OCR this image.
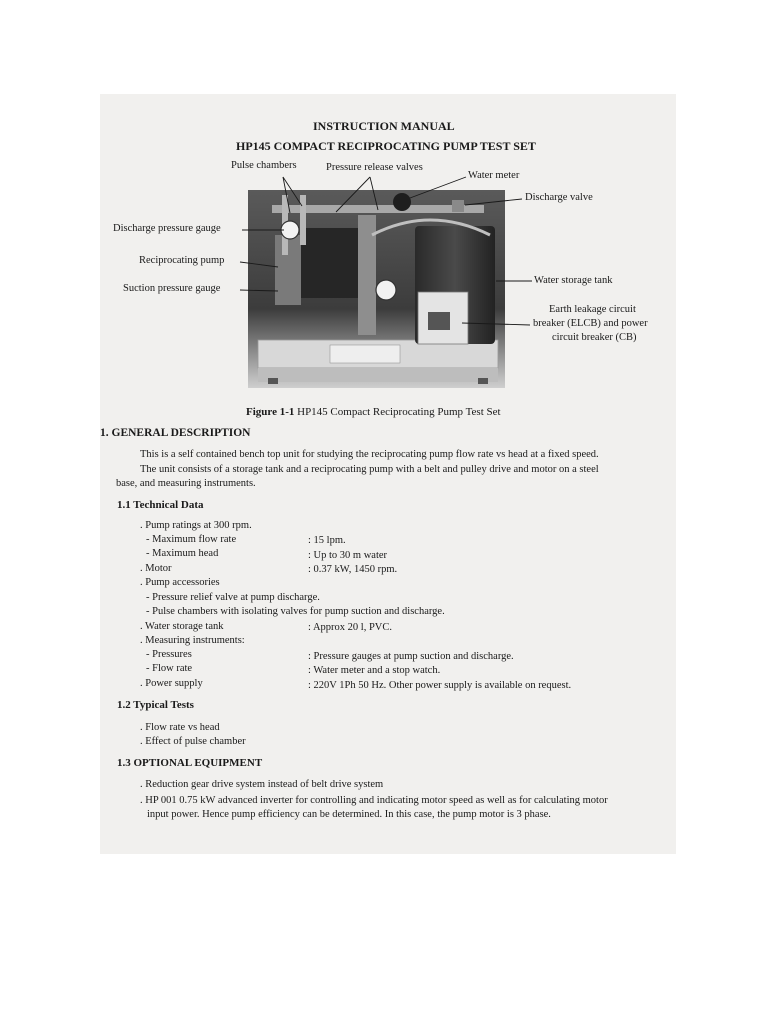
INSTRUCTION MANUAL
HP145 COMPACT RECIPROCATING PUMP TEST SET
Pulse chambers	Pressure release valves
Water meter
Discharge valve
Discharge pressure gauge
Reciprocating pump
Suction pressure gauge
Water storage tank
Earth leakage circuit
breaker (ELCB) and power
circuit breaker (CB)
Figure 1-1 HP145 Compact Reciprocating Pump Test Set
1. GENERAL DESCRIPTION
This is a self contained bench top unit for studying the reciprocating pump flow rate vs head at a fixed speed.
The unit consists of a storage tank and a reciprocating pump with a belt and pulley drive and motor on a steel
base, and measuring instruments.
1.1 Technical Data
. Pump ratings at 300 rpm.
- Maximum flow rate	: 15 lpm.
- Maximum head	: Up to 30 m water
. Motor	: 0.37 kW, 1450 rpm.
. Pump accessories
- Pressure relief valve at pump discharge.
- Pulse chambers with isolating valves for pump suction and discharge.
. Water storage tank	: Approx 20 l, PVC.
. Measuring instruments:
- Pressures	: Pressure gauges at pump suction and discharge.
- Flow rate	: Water meter and a stop watch.
. Power supply	: 220V 1Ph 50 Hz. Other power supply is available on request.
1.2 Typical Tests
. Flow rate vs head
. Effect of pulse chamber
1.3 OPTIONAL EQUIPMENT
. Reduction gear drive system instead of belt drive system
. HP 001 0.75 kW advanced inverter for controlling and indicating motor speed as well as for calculating motor
input power. Hence pump efficiency can be determined. In this case, the pump motor is 3 phase.
